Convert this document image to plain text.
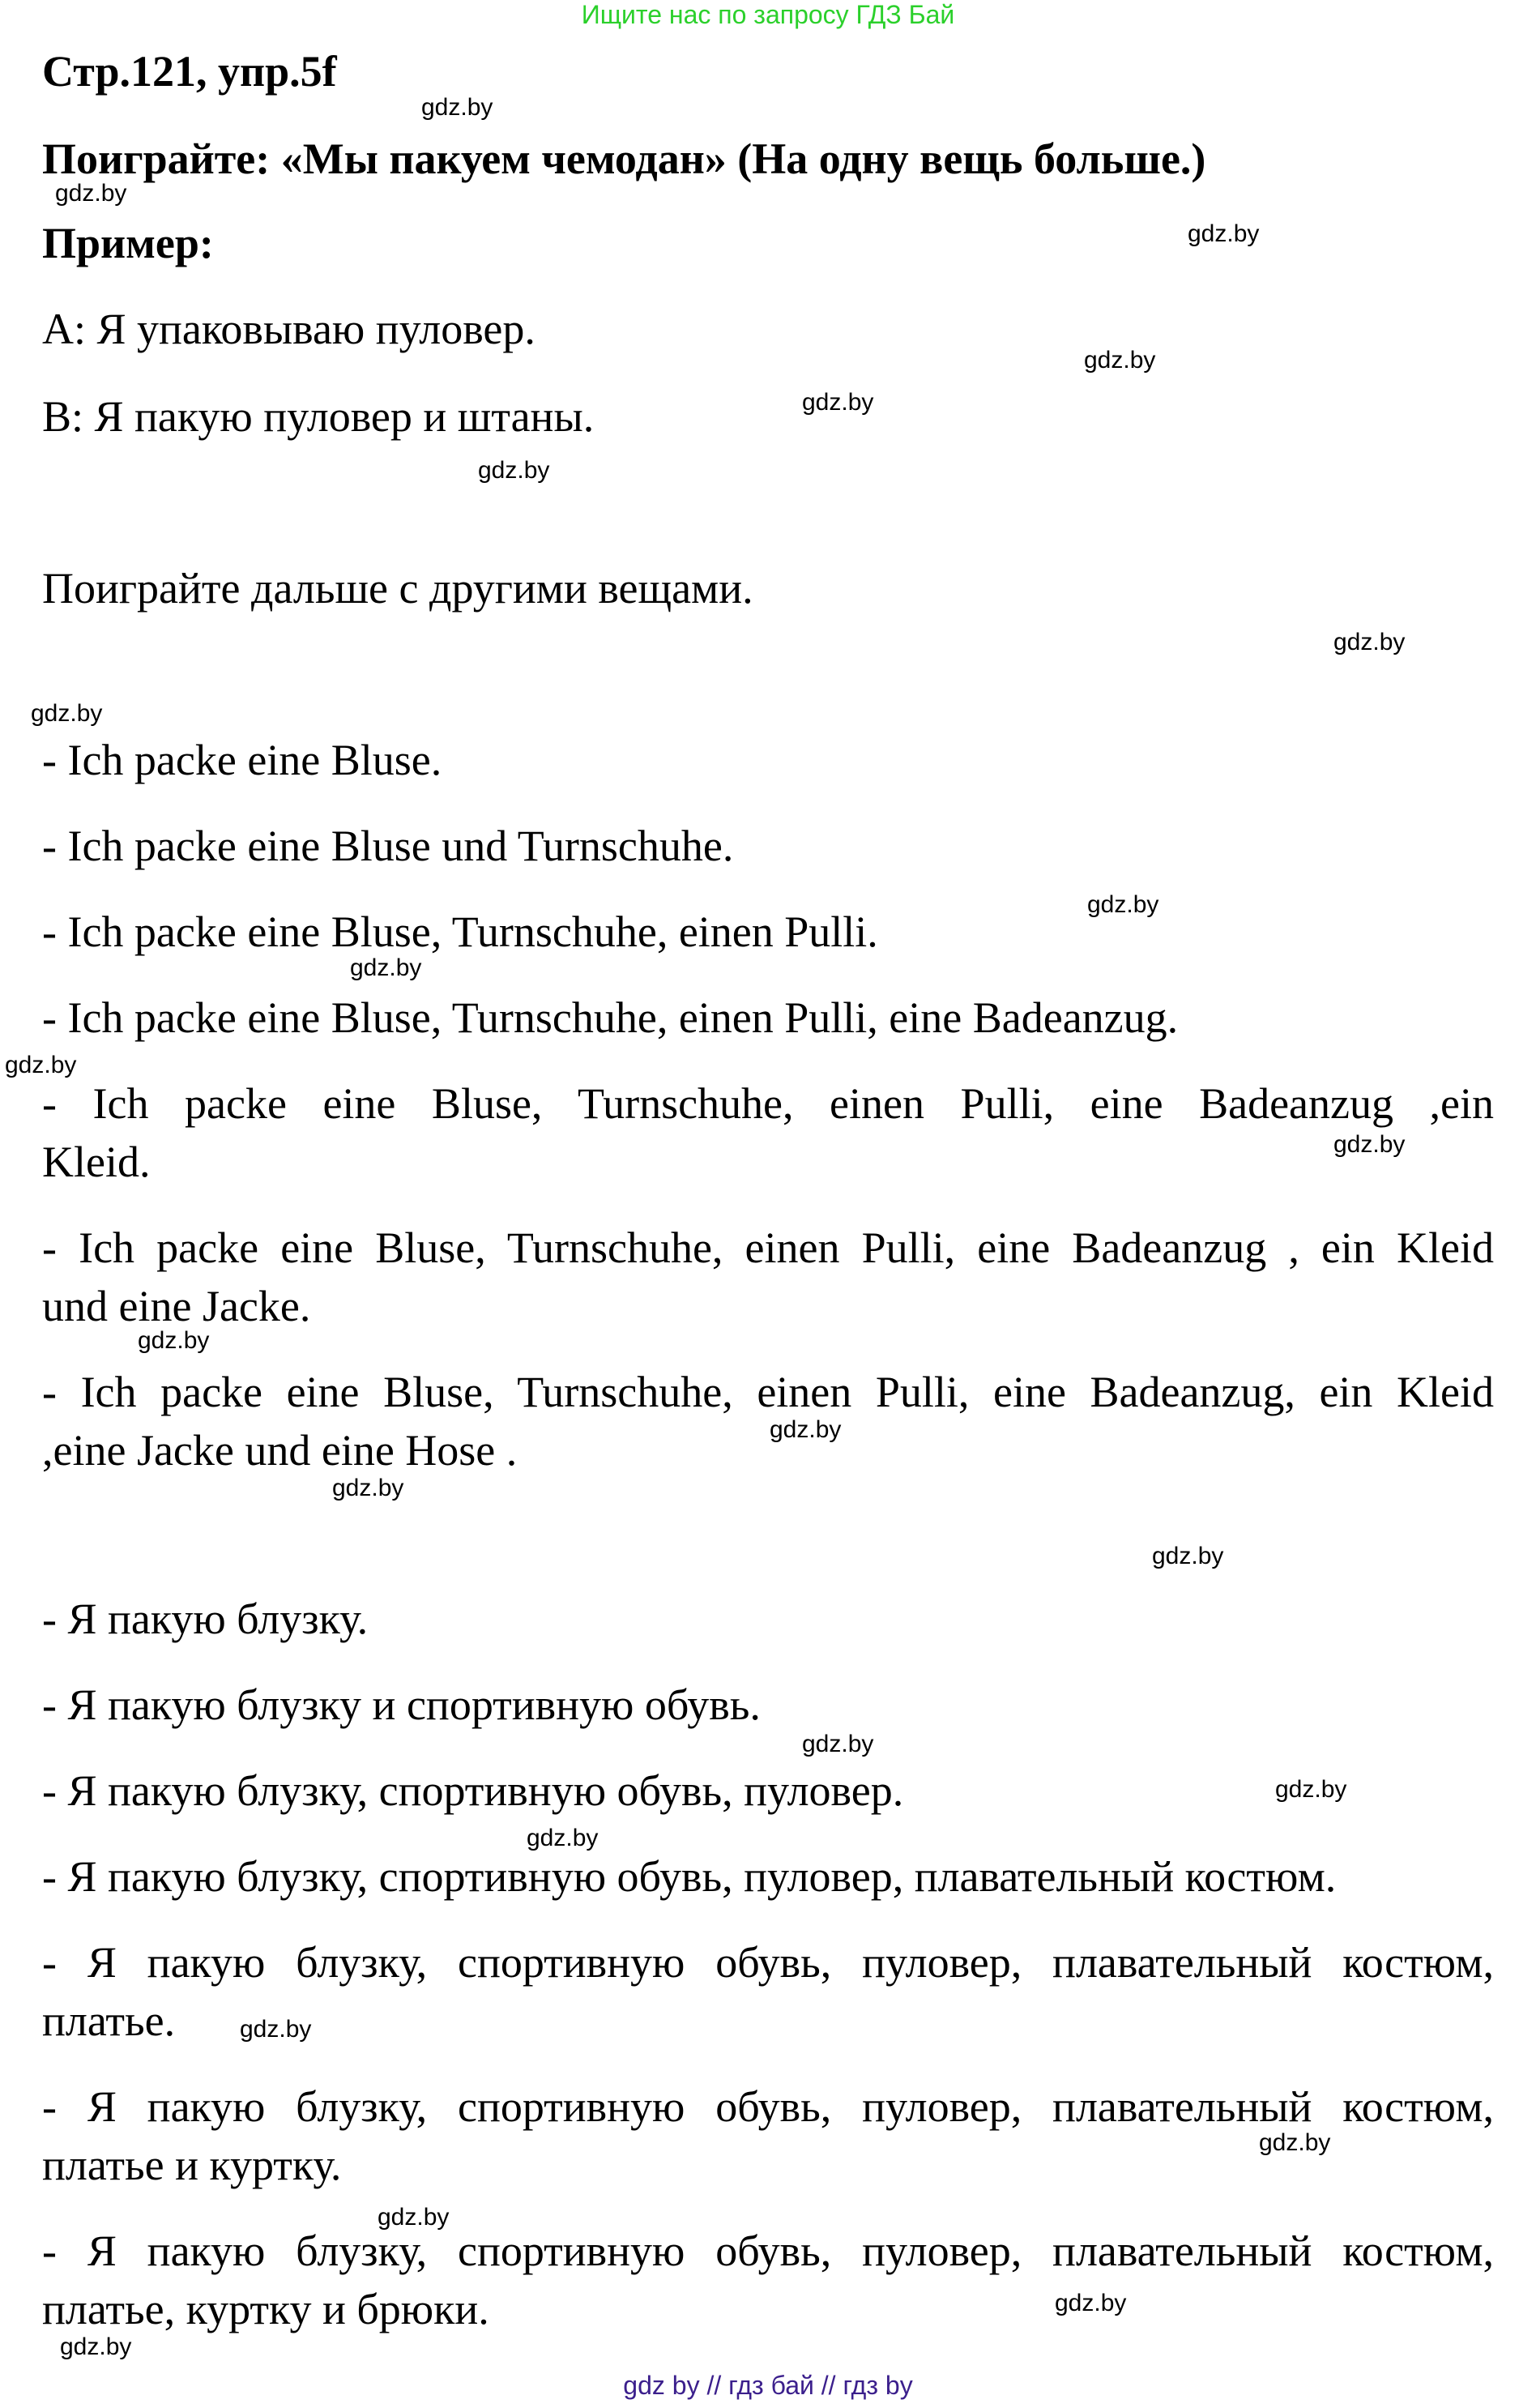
Ищите нас по запросу ГДЗ Бай
Стр.121, упр.5f
Поиграйте: «Мы пакуем чемодан» (На одну вещь больше.)
Пример:
A: Я упаковываю пуловер.
B: Я пакую пуловер и штаны.
Поиграйте дальше с другими вещами.
- Ich packe eine Bluse.
- Ich packe eine Bluse und Turnschuhe.
- Ich packe eine Bluse, Turnschuhe, einen Pulli.
- Ich packe eine Bluse, Turnschuhe, einen Pulli, eine Badeanzug.
- Ich packe eine Bluse, Turnschuhe, einen Pulli, eine Badeanzug ,ein
Kleid.
- Ich packe eine Bluse, Turnschuhe, einen Pulli, eine Badeanzug , ein Kleid
und eine Jacke.
- Ich packe eine Bluse, Turnschuhe, einen Pulli, eine Badeanzug, ein Kleid
,eine Jacke und eine Hose .
- Я пакую блузку.
- Я пакую блузку и спортивную обувь.
- Я пакую блузку, спортивную обувь, пуловер.
- Я пакую блузку, спортивную обувь, пуловер, плавательный костюм.
- Я пакую блузку, спортивную обувь, пуловер, плавательный костюм,
платье.
- Я пакую блузку, спортивную обувь, пуловер, плавательный костюм,
платье и куртку.
- Я пакую блузку, спортивную обувь, пуловер, плавательный костюм,
платье, куртку и брюки.
gdz.by
gdz.by
gdz.by
gdz.by
gdz.by
gdz.by
gdz.by
gdz.by
gdz.by
gdz.by
gdz.by
gdz.by
gdz.by
gdz.by
gdz.by
gdz.by
gdz.by
gdz.by
gdz.by
gdz.by
gdz.by
gdz.by
gdz.by
gdz.by
gdz by // гдз бай // гдз by
